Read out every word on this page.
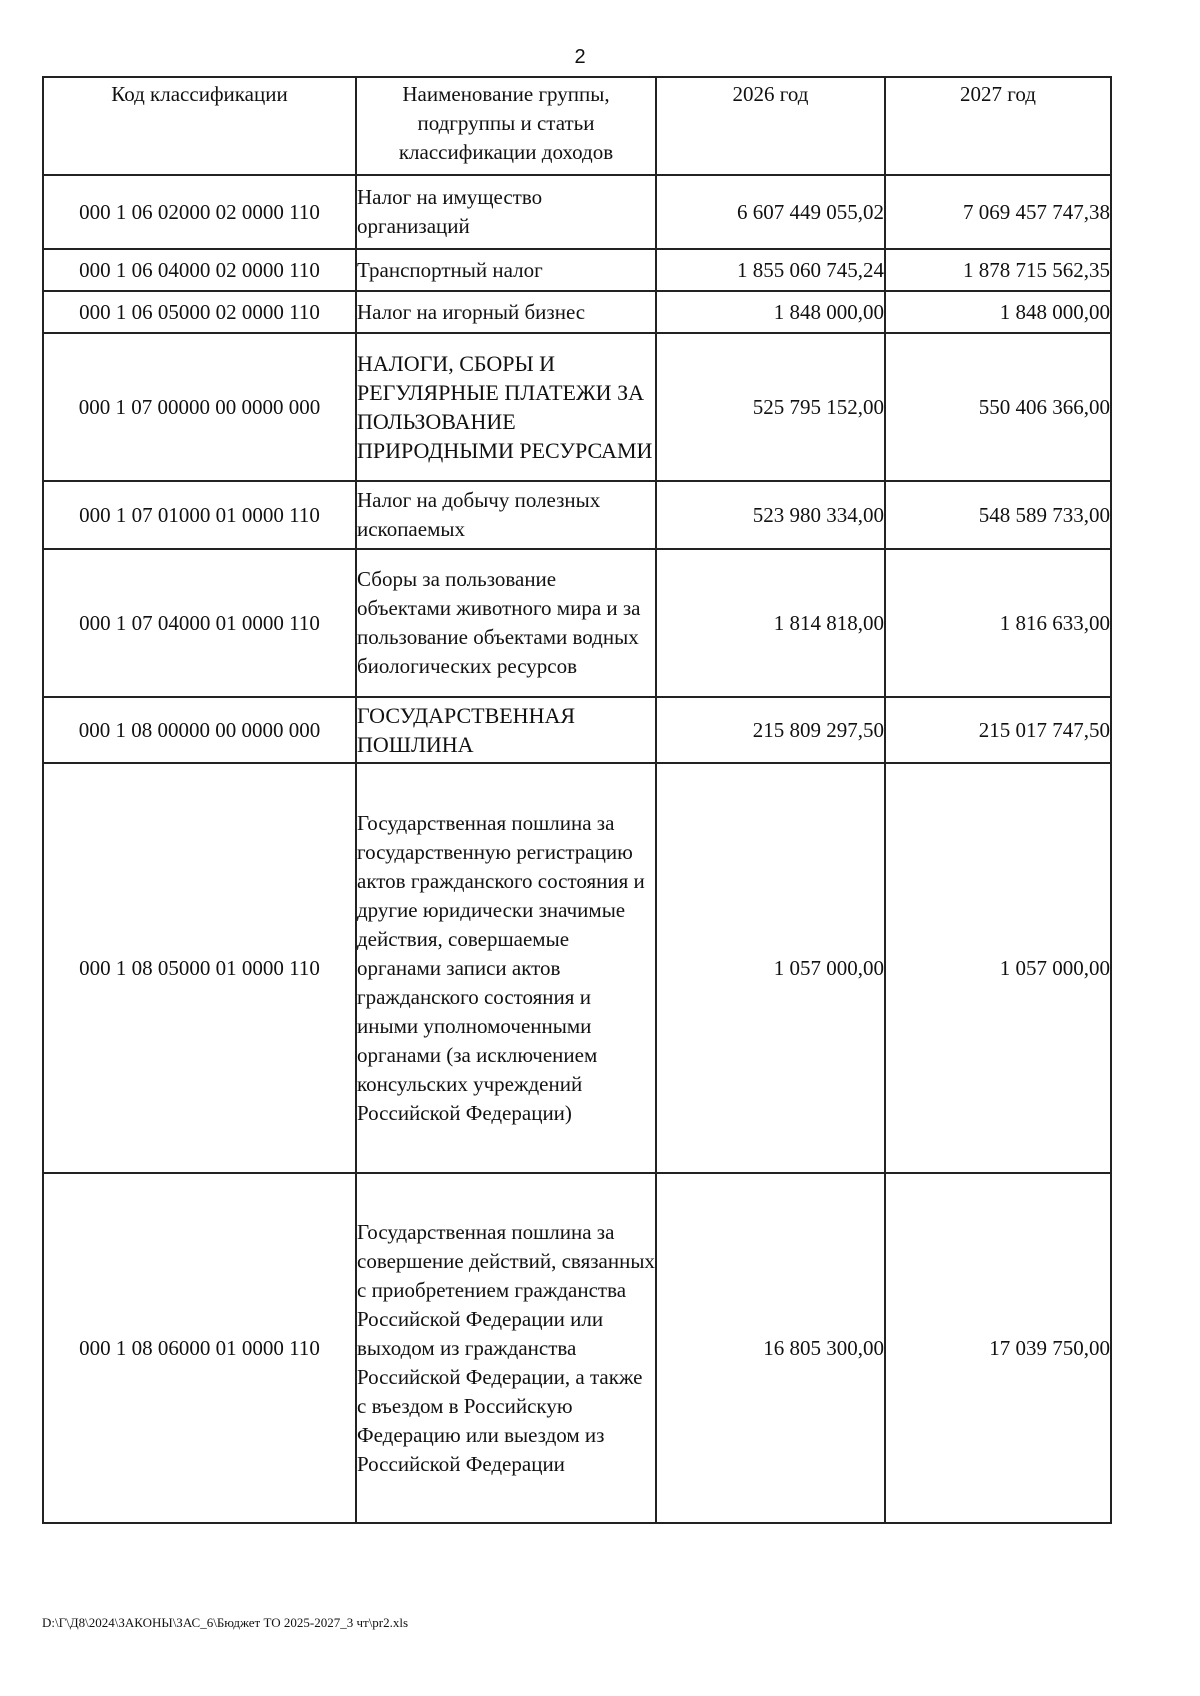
2
Код классификации	Наименование группы, подгруппы и статьи классификации доходов	2026 год	2027 год
000 1 06 02000 02 0000 110	Налог на имущество организаций	6 607 449 055,02	7 069 457 747,38
000 1 06 04000 02 0000 110	Транспортный налог	1 855 060 745,24	1 878 715 562,35
000 1 06 05000 02 0000 110	Налог на игорный бизнес	1 848 000,00	1 848 000,00
000 1 07 00000 00 0000 000	НАЛОГИ, СБОРЫ И РЕГУЛЯРНЫЕ ПЛАТЕЖИ ЗА ПОЛЬЗОВАНИЕ ПРИРОДНЫМИ РЕСУРСАМИ	525 795 152,00	550 406 366,00
000 1 07 01000 01 0000 110	Налог на добычу полезных ископаемых	523 980 334,00	548 589 733,00
000 1 07 04000 01 0000 110	Сборы за пользование объектами животного мира и за пользование объектами водных биологических ресурсов	1 814 818,00	1 816 633,00
000 1 08 00000 00 0000 000	ГОСУДАРСТВЕННАЯ ПОШЛИНА	215 809 297,50	215 017 747,50
000 1 08 05000 01 0000 110	Государственная пошлина за государственную регистрацию актов гражданского состояния и другие юридически значимые действия, совершаемые органами записи актов гражданского состояния и иными уполномоченными органами (за исключением консульских учреждений Российской Федерации)	1 057 000,00	1 057 000,00
000 1 08 06000 01 0000 110	Государственная пошлина за совершение действий, связанных с приобретением гражданства Российской Федерации или выходом из гражданства Российской Федерации, а также с въездом в Российскую Федерацию или выездом из Российской Федерации	16 805 300,00	17 039 750,00
D:\Г\Д8\2024\ЗАКОНЫ\ЗАС_6\Бюджет ТО 2025-2027_3 чт\pr2.xls
